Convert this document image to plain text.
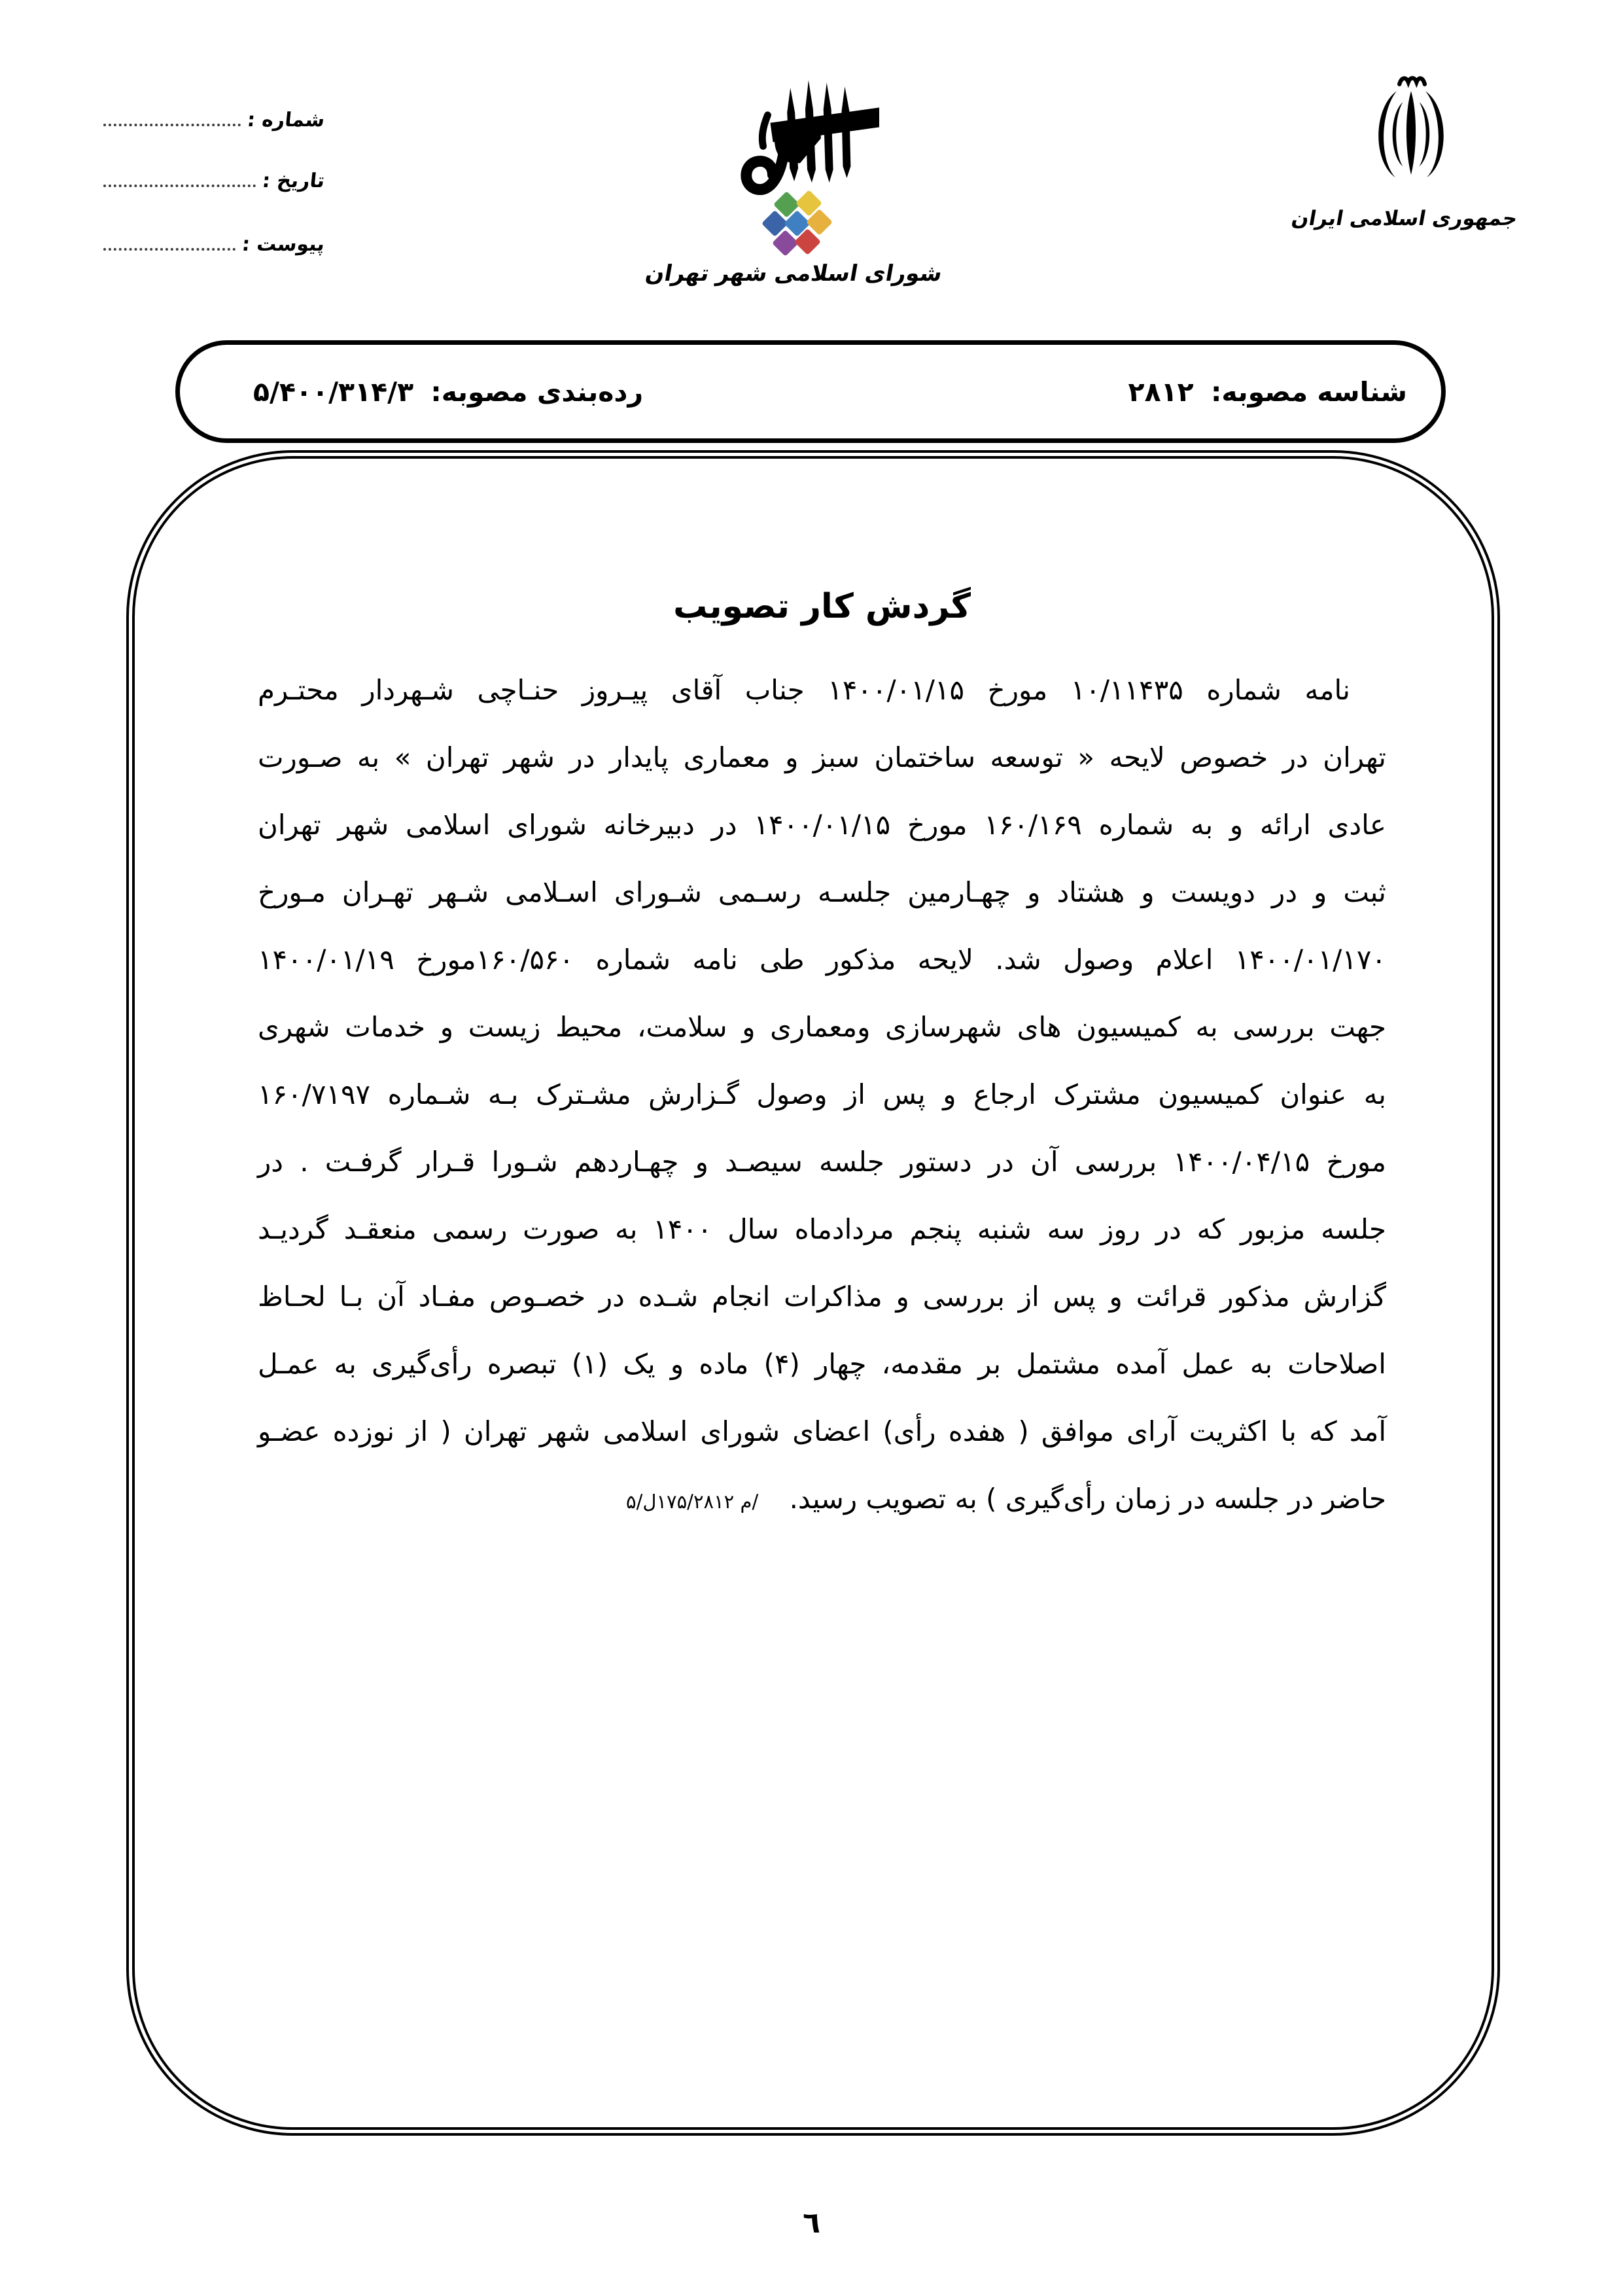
شماره :
تاریخ :
پیوست :
شورای اسلامی شهر تهران
جمهوری اسلامی ایران
شناسه مصوبه: ۲۸۱۲
رده‌بندی مصوبه: ۵/۴۰۰/۳۱۴/۳
گردش کار تصویب
نامه شماره ۱۰/۱۱۴۳۵ مورخ ۱۴۰۰/۰۱/۱۵ جناب آقای پیـروز حنـاچی شـهردار محتـرم
تهران در خصوص لایحه « توسعه ساختمان سبز و معماری پایدار در شهر تهران » به صـورت
عادی ارائه و به شماره ۱۶۰/۱۶۹ مورخ ۱۴۰۰/۰۱/۱۵ در دبیرخانه شورای اسلامی شهر تهران
ثبت و در دویست و هشتاد و چهـارمین جلسـه رسـمی شـورای اسـلامی شـهر تهـران مـورخ
۱۴۰۰/۰۱/۱۷۰ اعلام وصول شد. لایحه مذکور طی نامه شماره ۱۶۰/۵۶۰مورخ ۱۴۰۰/۰۱/۱۹
جهت بررسی به کمیسیون های شهرسازی ومعماری و سلامت، محیط زیست و خدمات شهری
به عنوان کمیسیون مشترک ارجاع و پس از وصول گـزارش مشـترک بـه شـماره ۱۶۰/۷۱۹۷
مورخ ۱۴۰۰/۰۴/۱۵ بررسی آن در دستور جلسه سیصـد و چهـاردهم شـورا قـرار گرفـت . در
جلسه مزبور که در روز سه شنبه پنجم مردادماه سال ۱۴۰۰ به صورت رسمی منعقـد گردیـد
گزارش مذکور قرائت و پس از بررسی و مذاکرات انجام شـده در خصـوص مفـاد آن بـا لحـاظ
اصلاحات به عمل آمده مشتمل بر مقدمه، چهار (۴) ماده و یک (۱) تبصره رأی‌گیری به عمـل
آمد که با اکثریت آرای موافق ( هفده رأی) اعضای شورای اسلامی شهر تهران ( از نوزده عضـو
حاضر در جلسه در زمان رأی‌گیری ) به تصویب رسید. /م ۱۷۵/۲۸۱۲ل/۵
٦
